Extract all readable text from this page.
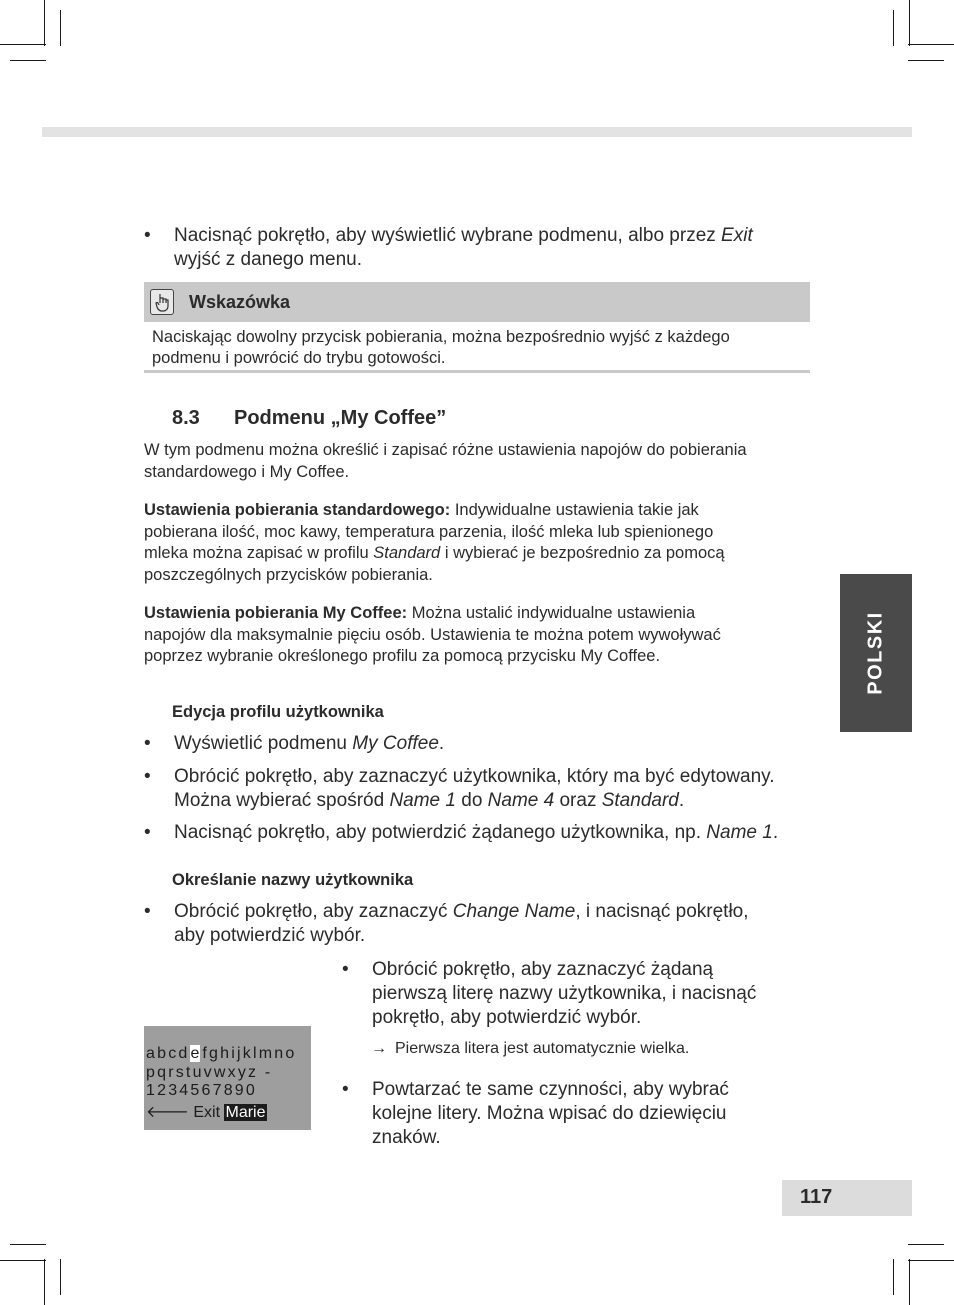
• Nacisnąć pokrętło, aby wyświetlić wybrane podmenu, albo przez Exit
wyjść z danego menu.
Wskazówka
Naciskając dowolny przycisk pobierania, można bezpośrednio wyjść z każdego
podmenu i powrócić do trybu gotowości.
8.3 Podmenu „My Coffee”
W tym podmenu można określić i zapisać różne ustawienia napojów do pobierania
standardowego i My Coffee.
Ustawienia pobierania standardowego: Indywidualne ustawienia takie jak
pobierana ilość, moc kawy, temperatura parzenia, ilość mleka lub spienionego
mleka można zapisać w profilu Standard i wybierać je bezpośrednio za pomocą
poszczególnych przycisków pobierania.
Ustawienia pobierania My Coffee: Można ustalić indywidualne ustawienia
napojów dla maksymalnie pięciu osób. Ustawienia te można potem wywoływać
poprzez wybranie określonego profilu za pomocą przycisku My Coffee.
Edycja profilu użytkownika
• Wyświetlić podmenu My Coffee.
• Obrócić pokrętło, aby zaznaczyć użytkownika, który ma być edytowany.
Można wybierać spośród Name 1 do Name 4 oraz Standard.
• Nacisnąć pokrętło, aby potwierdzić żądanego użytkownika, np. Name 1.
Określanie nazwy użytkownika
• Obrócić pokrętło, aby zaznaczyć Change Name, i nacisnąć pokrętło,
aby potwierdzić wybór.
• Obrócić pokrętło, aby zaznaczyć żądaną
pierwszą literę nazwy użytkownika, i nacisnąć
pokrętło, aby potwierdzić wybór.
→ Pierwsza litera jest automatycznie wielka.
• Powtarzać te same czynności, aby wybrać
kolejne litery. Można wpisać do dziewięciu
znaków.
abcde fghijklmno
pqrstuvwxyz -
1234567890
🡐 Exit Marie
POLSKI
117
